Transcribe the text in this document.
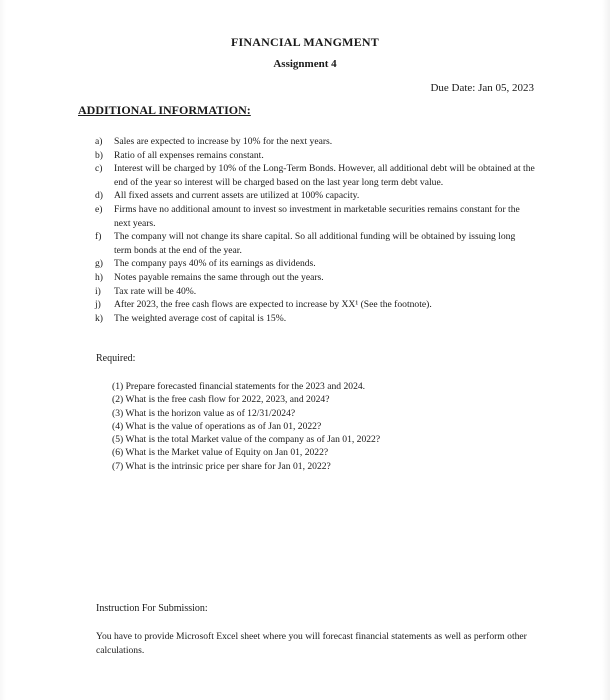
FINANCIAL MANGMENT
Assignment 4
Due Date: Jan 05, 2023
ADDITIONAL INFORMATION:
a) Sales are expected to increase by 10% for the next years.
b) Ratio of all expenses remains constant.
c) Interest will be charged by 10% of the Long-Term Bonds. However, all additional debt will be obtained at the end of the year so interest will be charged based on the last year long term debt value.
d) All fixed assets and current assets are utilized at 100% capacity.
e) Firms have no additional amount to invest so investment in marketable securities remains constant for the next years.
f) The company will not change its share capital. So all additional funding will be obtained by issuing long term bonds at the end of the year.
g) The company pays 40% of its earnings as dividends.
h) Notes payable remains the same through out the years.
i) Tax rate will be 40%.
j) After 2023, the free cash flows are expected to increase by XX¹ (See the footnote).
k) The weighted average cost of capital is 15%.
Required:
(1) Prepare forecasted financial statements for the 2023 and 2024.
(2) What is the free cash flow for 2022, 2023, and 2024?
(3) What is the horizon value as of 12/31/2024?
(4) What is the value of operations as of Jan 01, 2022?
(5) What is the total Market value of the company as of Jan 01, 2022?
(6) What is the Market value of Equity on Jan 01, 2022?
(7) What is the intrinsic price per share for Jan 01, 2022?
Instruction For Submission:
You have to provide Microsoft Excel sheet where you will forecast financial statements as well as perform other calculations.
